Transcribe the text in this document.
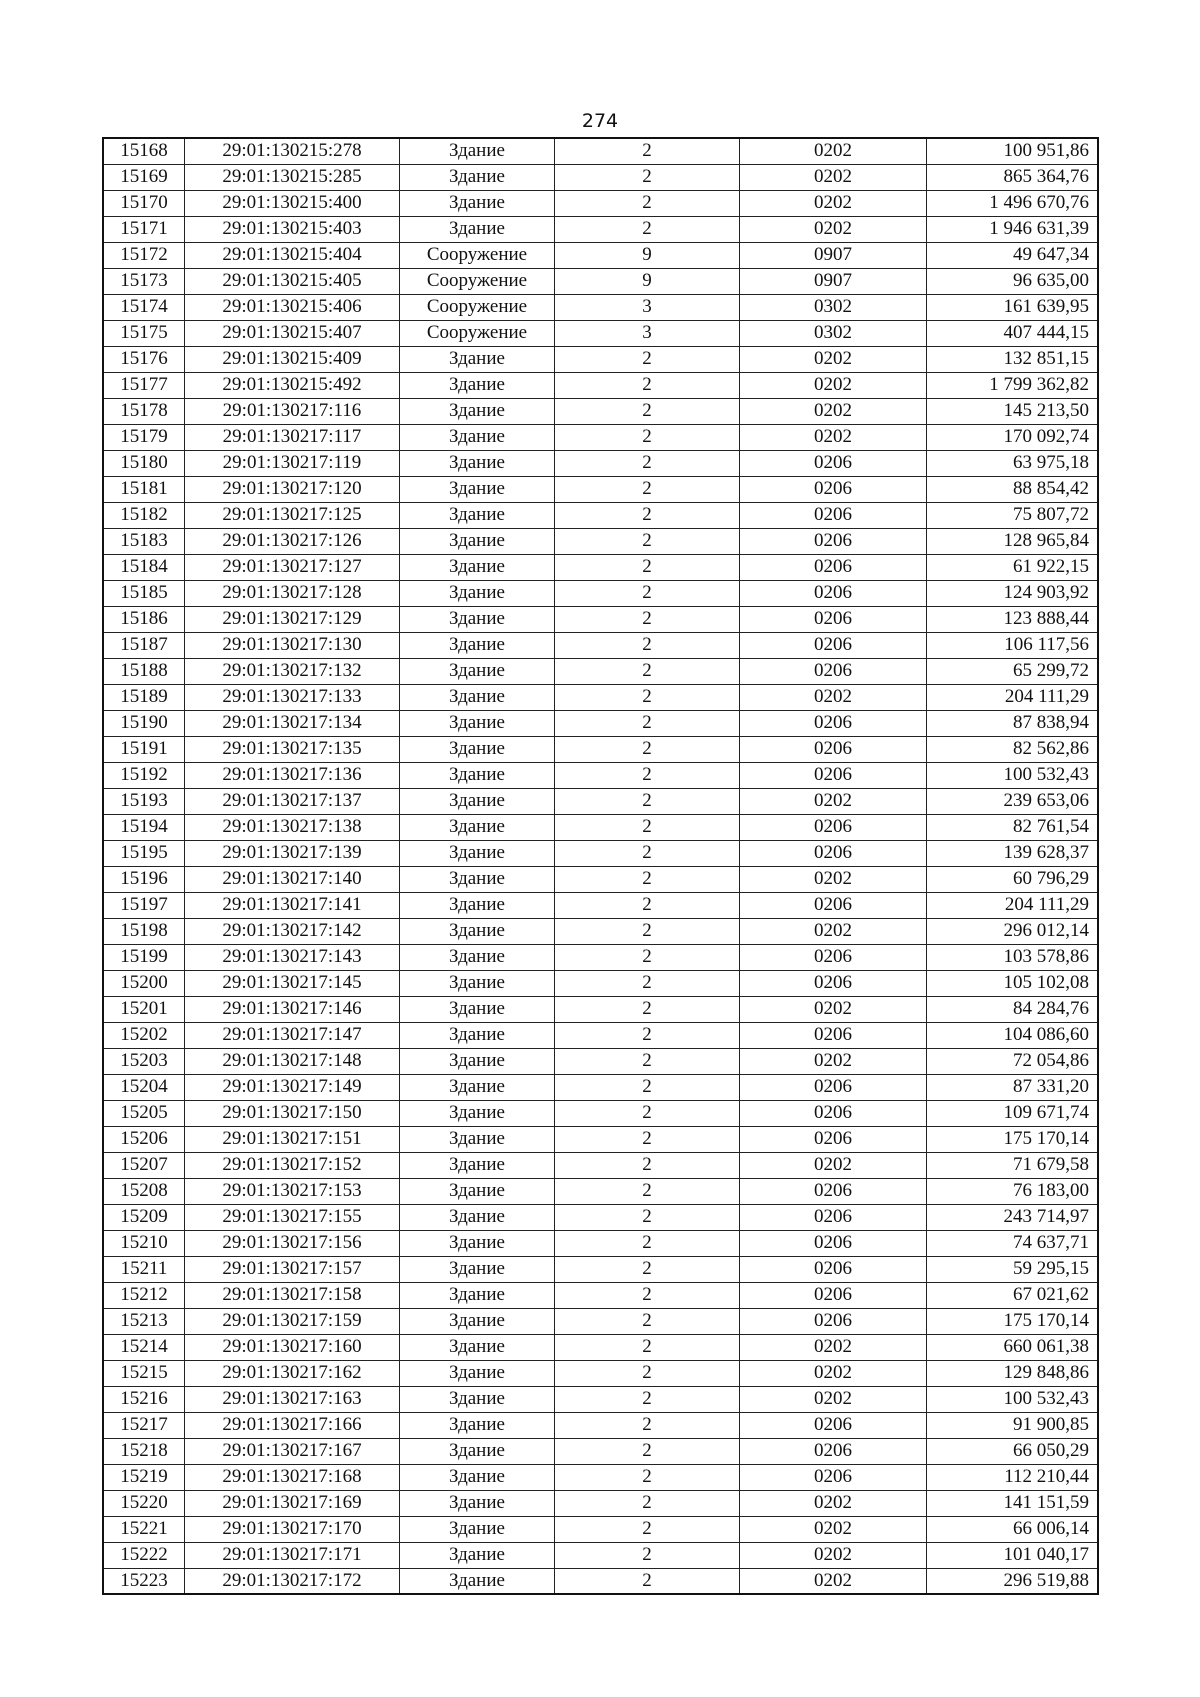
274
15168	29:01:130215:278	Здание	2	0202	100 951,86
15169	29:01:130215:285	Здание	2	0202	865 364,76
15170	29:01:130215:400	Здание	2	0202	1 496 670,76
15171	29:01:130215:403	Здание	2	0202	1 946 631,39
15172	29:01:130215:404	Сооружение	9	0907	49 647,34
15173	29:01:130215:405	Сооружение	9	0907	96 635,00
15174	29:01:130215:406	Сооружение	3	0302	161 639,95
15175	29:01:130215:407	Сооружение	3	0302	407 444,15
15176	29:01:130215:409	Здание	2	0202	132 851,15
15177	29:01:130215:492	Здание	2	0202	1 799 362,82
15178	29:01:130217:116	Здание	2	0202	145 213,50
15179	29:01:130217:117	Здание	2	0202	170 092,74
15180	29:01:130217:119	Здание	2	0206	63 975,18
15181	29:01:130217:120	Здание	2	0206	88 854,42
15182	29:01:130217:125	Здание	2	0206	75 807,72
15183	29:01:130217:126	Здание	2	0206	128 965,84
15184	29:01:130217:127	Здание	2	0206	61 922,15
15185	29:01:130217:128	Здание	2	0206	124 903,92
15186	29:01:130217:129	Здание	2	0206	123 888,44
15187	29:01:130217:130	Здание	2	0206	106 117,56
15188	29:01:130217:132	Здание	2	0206	65 299,72
15189	29:01:130217:133	Здание	2	0202	204 111,29
15190	29:01:130217:134	Здание	2	0206	87 838,94
15191	29:01:130217:135	Здание	2	0206	82 562,86
15192	29:01:130217:136	Здание	2	0206	100 532,43
15193	29:01:130217:137	Здание	2	0202	239 653,06
15194	29:01:130217:138	Здание	2	0206	82 761,54
15195	29:01:130217:139	Здание	2	0206	139 628,37
15196	29:01:130217:140	Здание	2	0202	60 796,29
15197	29:01:130217:141	Здание	2	0206	204 111,29
15198	29:01:130217:142	Здание	2	0202	296 012,14
15199	29:01:130217:143	Здание	2	0206	103 578,86
15200	29:01:130217:145	Здание	2	0206	105 102,08
15201	29:01:130217:146	Здание	2	0202	84 284,76
15202	29:01:130217:147	Здание	2	0206	104 086,60
15203	29:01:130217:148	Здание	2	0202	72 054,86
15204	29:01:130217:149	Здание	2	0206	87 331,20
15205	29:01:130217:150	Здание	2	0206	109 671,74
15206	29:01:130217:151	Здание	2	0206	175 170,14
15207	29:01:130217:152	Здание	2	0202	71 679,58
15208	29:01:130217:153	Здание	2	0206	76 183,00
15209	29:01:130217:155	Здание	2	0206	243 714,97
15210	29:01:130217:156	Здание	2	0206	74 637,71
15211	29:01:130217:157	Здание	2	0206	59 295,15
15212	29:01:130217:158	Здание	2	0206	67 021,62
15213	29:01:130217:159	Здание	2	0206	175 170,14
15214	29:01:130217:160	Здание	2	0202	660 061,38
15215	29:01:130217:162	Здание	2	0202	129 848,86
15216	29:01:130217:163	Здание	2	0202	100 532,43
15217	29:01:130217:166	Здание	2	0206	91 900,85
15218	29:01:130217:167	Здание	2	0206	66 050,29
15219	29:01:130217:168	Здание	2	0206	112 210,44
15220	29:01:130217:169	Здание	2	0202	141 151,59
15221	29:01:130217:170	Здание	2	0202	66 006,14
15222	29:01:130217:171	Здание	2	0202	101 040,17
15223	29:01:130217:172	Здание	2	0202	296 519,88
